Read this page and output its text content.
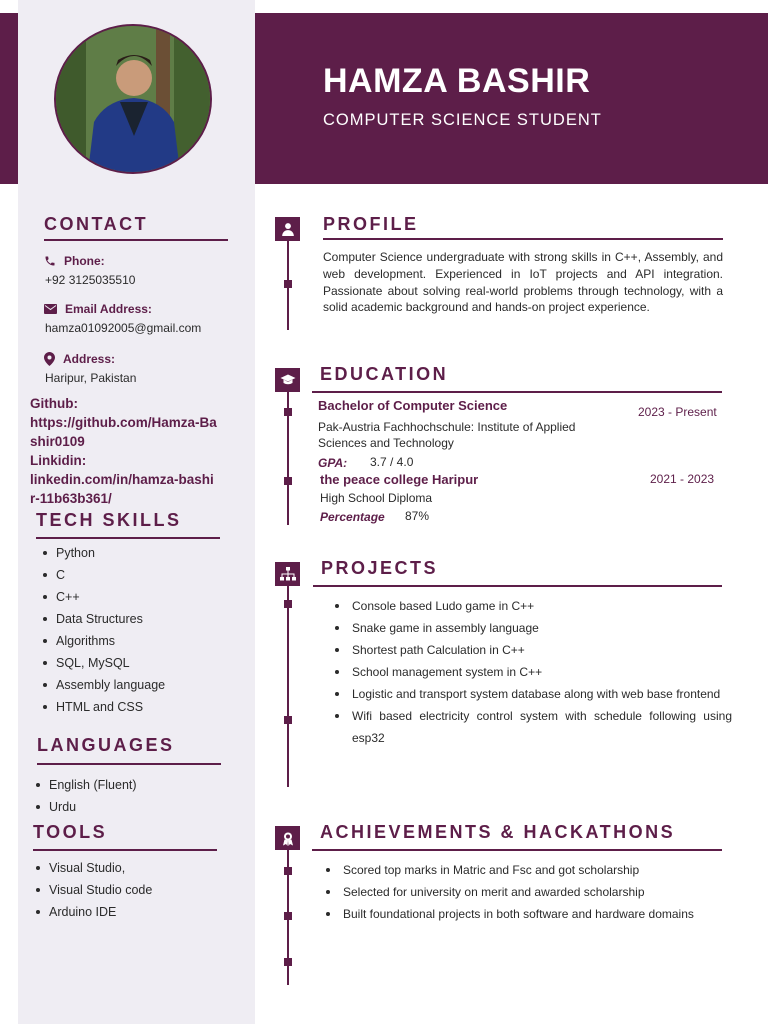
HAMZA BASHIR
COMPUTER SCIENCE STUDENT
CONTACT
Phone:
+92 3125035510
Email Address:
hamza01092005@gmail.com
Address:
Haripur, Pakistan
Github:
https://github.com/Hamza-Bashir0109
Linkidin:
linkedin.com/in/hamza-bashir-11b63b361/
TECH SKILLS
Python
C
C++
Data Structures
Algorithms
SQL, MySQL
Assembly language
HTML and CSS
LANGUAGES
English (Fluent)
Urdu
TOOLS
Visual Studio,
Visual Studio code
Arduino IDE
PROFILE
Computer Science undergraduate with strong skills in C++, Assembly, and web development. Experienced in IoT projects and API integration. Passionate about solving real-world problems through technology, with a solid academic background and hands-on project experience.
EDUCATION
Bachelor of Computer Science	2023 - Present
Pak-Austria Fachhochschule: Institute of Applied Sciences and Technology
GPA: 3.7 / 4.0
the peace college Haripur	2021 - 2023
High School Diploma
Percentage 87%
PROJECTS
Console based Ludo game in C++
Snake game in assembly language
Shortest path Calculation in C++
School management system in C++
Logistic and transport system database along with web base frontend
Wifi based electricity control system with schedule following using esp32
ACHIEVEMENTS & HACKATHONS
Scored top marks in Matric and Fsc and got scholarship
Selected for university on merit and awarded scholarship
Built foundational projects in both software and hardware domains
